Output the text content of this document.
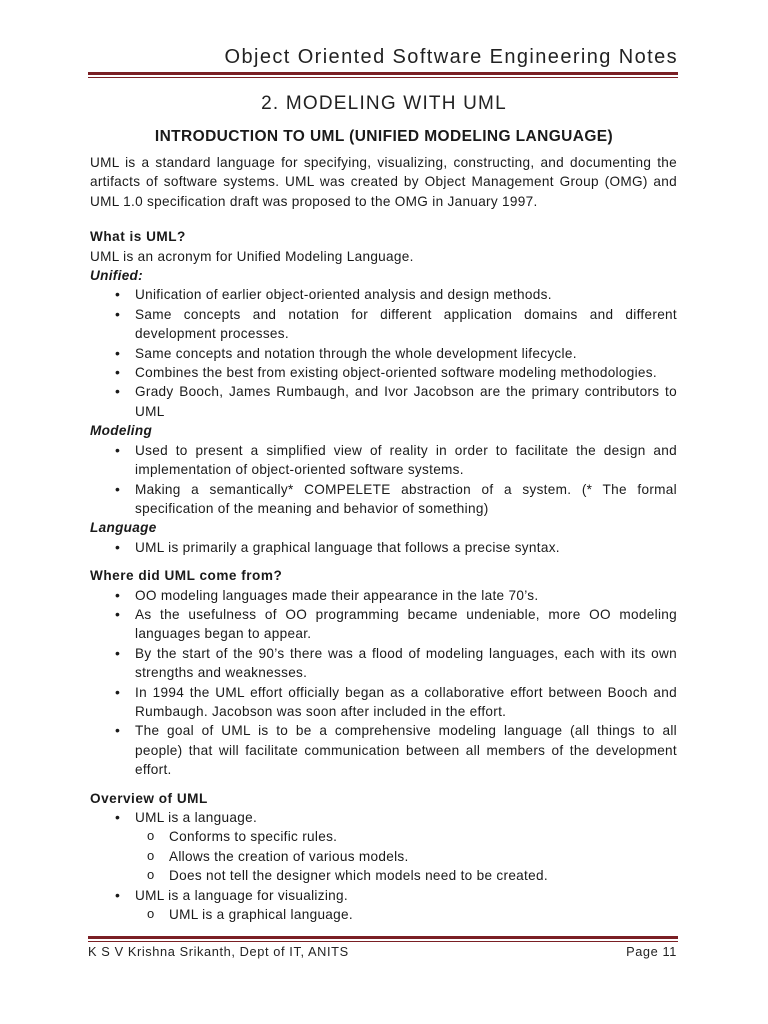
Object Oriented Software Engineering Notes
2. MODELING WITH UML
INTRODUCTION TO UML (UNIFIED MODELING LANGUAGE)

UML is a standard language for specifying, visualizing, constructing, and documenting the artifacts of software systems. UML was created by Object Management Group (OMG) and UML 1.0 specification draft was proposed to the OMG in January 1997.

What is UML?
UML is an acronym for Unified Modeling Language.
Unified:
• Unification of earlier object-oriented analysis and design methods.
• Same concepts and notation for different application domains and different development processes.
• Same concepts and notation through the whole development lifecycle.
• Combines the best from existing object-oriented software modeling methodologies.
• Grady Booch, James Rumbaugh, and Ivor Jacobson are the primary contributors to UML
Modeling
• Used to present a simplified view of reality in order to facilitate the design and implementation of object-oriented software systems.
• Making a semantically* COMPELETE abstraction of a system. (* The formal specification of the meaning and behavior of something)
Language
• UML is primarily a graphical language that follows a precise syntax.
Where did UML come from?
• OO modeling languages made their appearance in the late 70’s.
• As the usefulness of OO programming became undeniable, more OO modeling languages began to appear.
• By the start of the 90’s there was a flood of modeling languages, each with its own strengths and weaknesses.
• In 1994 the UML effort officially began as a collaborative effort between Booch and Rumbaugh. Jacobson was soon after included in the effort.
• The goal of UML is to be a comprehensive modeling language (all things to all people) that will facilitate communication between all members of the development effort.
Overview of UML
• UML is a language.
o Conforms to specific rules.
o Allows the creation of various models.
o Does not tell the designer which models need to be created.
• UML is a language for visualizing.
o UML is a graphical language.
K S V Krishna Srikanth, Dept of IT, ANITS	Page 11
